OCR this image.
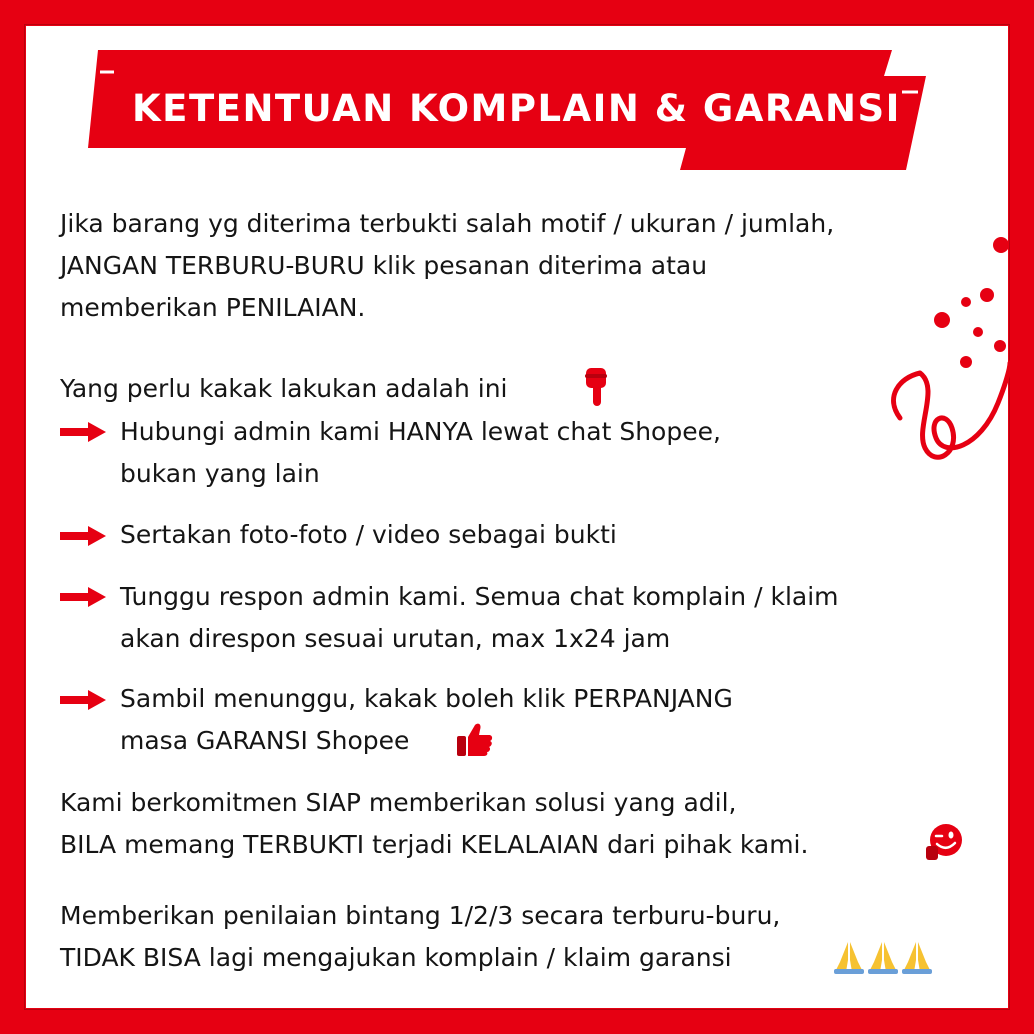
KETENTUAN KOMPLAIN & GARANSI

Jika barang yg diterima terbukti salah motif / ukuran / jumlah,
JANGAN TERBURU-BURU klik pesanan diterima atau
memberikan PENILAIAN.

Yang perlu kakak lakukan adalah ini

Hubungi admin kami HANYA lewat chat Shopee,
bukan yang lain

Sertakan foto-foto / video sebagai bukti

Tunggu respon admin kami. Semua chat komplain / klaim
akan direspon sesuai urutan, max 1x24 jam

Sambil menunggu, kakak boleh klik PERPANJANG
masa GARANSI Shopee

Kami berkomitmen SIAP memberikan solusi yang adil,
BILA memang TERBUKTI terjadi KELALAIAN dari pihak kami.

Memberikan penilaian bintang 1/2/3 secara terburu-buru,
TIDAK BISA lagi mengajukan komplain / klaim garansi
